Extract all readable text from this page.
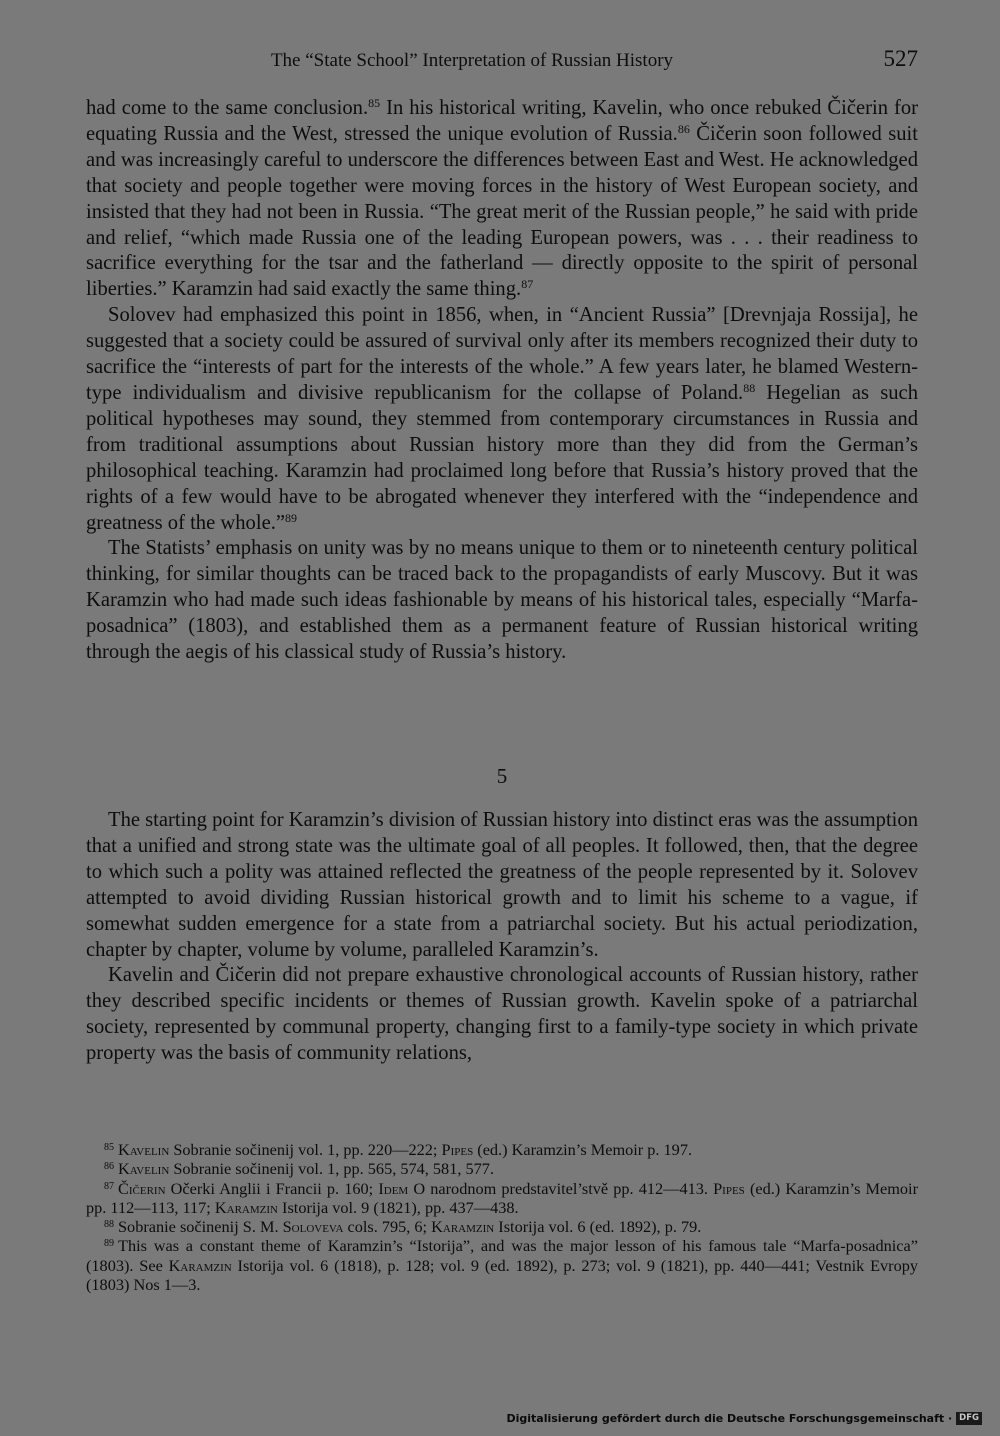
The “State School” Interpretation of Russian History	527

had come to the same conclusion.$^{85}$ In his historical writing, Kavelin, who once rebuked Čičerin for equating Russia and the West, stressed the unique evolution of Russia.$^{86}$ Čičerin soon followed suit and was increasingly careful to underscore the differences between East and West. He acknowledged that society and people together were moving forces in the history of West European society, and insisted that they had not been in Russia. “The great merit of the Russian people,” he said with pride and relief, “which made Russia one of the leading European powers, was . . . their readiness to sacrifice everything for the tsar and the fatherland — directly opposite to the spirit of personal liberties.” Karamzin had said exactly the same thing.$^{87}$

Solovev had emphasized this point in 1856, when, in “Ancient Russia” [Drevnjaja Rossija], he suggested that a society could be assured of survival only after its members recognized their duty to sacrifice the “interests of part for the interests of the whole.” A few years later, he blamed Western-type individualism and divisive republicanism for the collapse of Poland.$^{88}$ Hegelian as such political hypotheses may sound, they stemmed from contemporary circumstances in Russia and from traditional assumptions about Russian history more than they did from the German’s philosophical teaching. Karamzin had proclaimed long before that Russia’s history proved that the rights of a few would have to be abrogated whenever they interfered with the “independence and greatness of the whole.”$^{89}$

The Statists’ emphasis on unity was by no means unique to them or to nineteenth century political thinking, for similar thoughts can be traced back to the propagandists of early Muscovy. But it was Karamzin who had made such ideas fashionable by means of his historical tales, especially “Marfa-posadnica” (1803), and established them as a permanent feature of Russian historical writing through the aegis of his classical study of Russia’s history.

5

The starting point for Karamzin’s division of Russian history into distinct eras was the assumption that a unified and strong state was the ultimate goal of all peoples. It followed, then, that the degree to which such a polity was attained reflected the greatness of the people represented by it. Solovev attempted to avoid dividing Russian historical growth and to limit his scheme to a vague, if somewhat sudden emergence for a state from a patriarchal society. But his actual periodization, chapter by chapter, volume by volume, paralleled Karamzin’s.

Kavelin and Čičerin did not prepare exhaustive chronological accounts of Russian history, rather they described specific incidents or themes of Russian growth. Kavelin spoke of a patriarchal society, represented by communal property, changing first to a family-type society in which private property was the basis of community relations,

$^{85}$ Kavelin Sobranie sočinenij vol. 1, pp. 220—222; Pipes (ed.) Karamzin’s Memoir p. 197.

$^{86}$ Kavelin Sobranie sočinenij vol. 1, pp. 565, 574, 581, 577.

$^{87}$ Čičerin Očerki Anglii i Francii p. 160; Idem O narodnom predstavitel’stvě pp. 412—413. Pipes (ed.) Karamzin’s Memoir pp. 112—113, 117; Karamzin Istorija vol. 9 (1821), pp. 437—438.

$^{88}$ Sobranie sočinenij S. M. Solovеva cols. 795, 6; Karamzin Istorija vol. 6 (ed. 1892), p. 79.

$^{89}$ This was a constant theme of Karamzin’s “Istorija”, and was the major lesson of his famous tale “Marfa-posadnica” (1803). See Karamzin Istorija vol. 6 (1818), p. 128; vol. 9 (ed. 1892), p. 273; vol. 9 (1821), pp. 440—441; Vestnik Evropy (1803) Nos 1—3.

Digitalisierung gefördert durch die Deutsche Forschungsgemeinschaft · DFG
